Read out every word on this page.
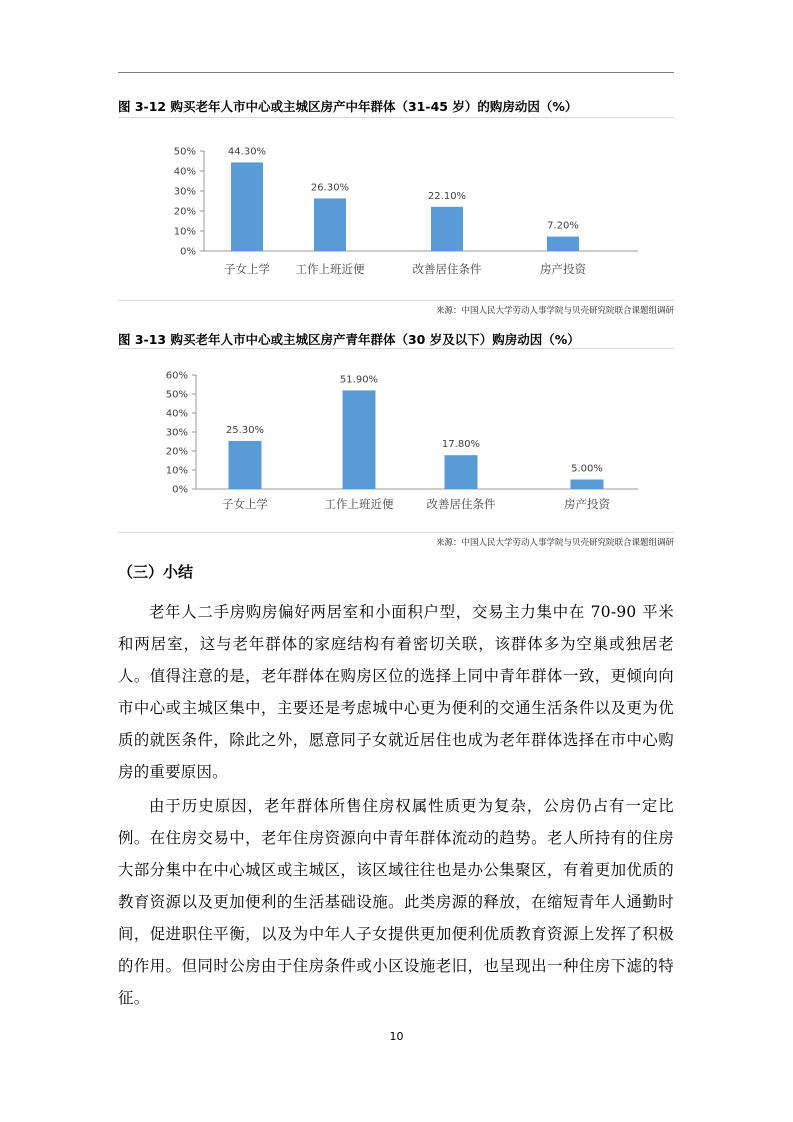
图 3-12 购买老年人市中心或主城区房产中年群体（31-45 岁）的购房动因（%）
0%
10%
20%
30%
40%
50%	44.30%
子女上学
26.30%
工作上班近便
22.10%
改善居住条件
7.20%
房产投资
来源：中国人民大学劳动人事学院与贝壳研究院联合课题组调研
图 3-13 购买老年人市中心或主城区房产青年群体（30 岁及以下）购房动因（%）
0%
10%
20%
30%
40%
50%
60%
25.30%
子女上学
51.90%
工作上班近便
17.80%
改善居住条件
5.00%
房产投资
来源：中国人民大学劳动人事学院与贝壳研究院联合课题组调研
（三）小结

老年人二手房购房偏好两居室和小面积户型，交易主力集中在 70-90 平米和两居室，这与老年群体的家庭结构有着密切关联，该群体多为空巢或独居老人。值得注意的是，老年群体在购房区位的选择上同中青年群体一致，更倾向向市中心或主城区集中，主要还是考虑城中心更为便利的交通生活条件以及更为优质的就医条件，除此之外，愿意同子女就近居住也成为老年群体选择在市中心购房的重要原因。

由于历史原因，老年群体所售住房权属性质更为复杂，公房仍占有一定比例。在住房交易中，老年住房资源向中青年群体流动的趋势。老人所持有的住房大部分集中在中心城区或主城区，该区域往往也是办公集聚区，有着更加优质的教育资源以及更加便利的生活基础设施。此类房源的释放，在缩短青年人通勤时间，促进职住平衡，以及为中年人子女提供更加便利优质教育资源上发挥了积极的作用。但同时公房由于住房条件或小区设施老旧，也呈现出一种住房下滤的特征。

10
